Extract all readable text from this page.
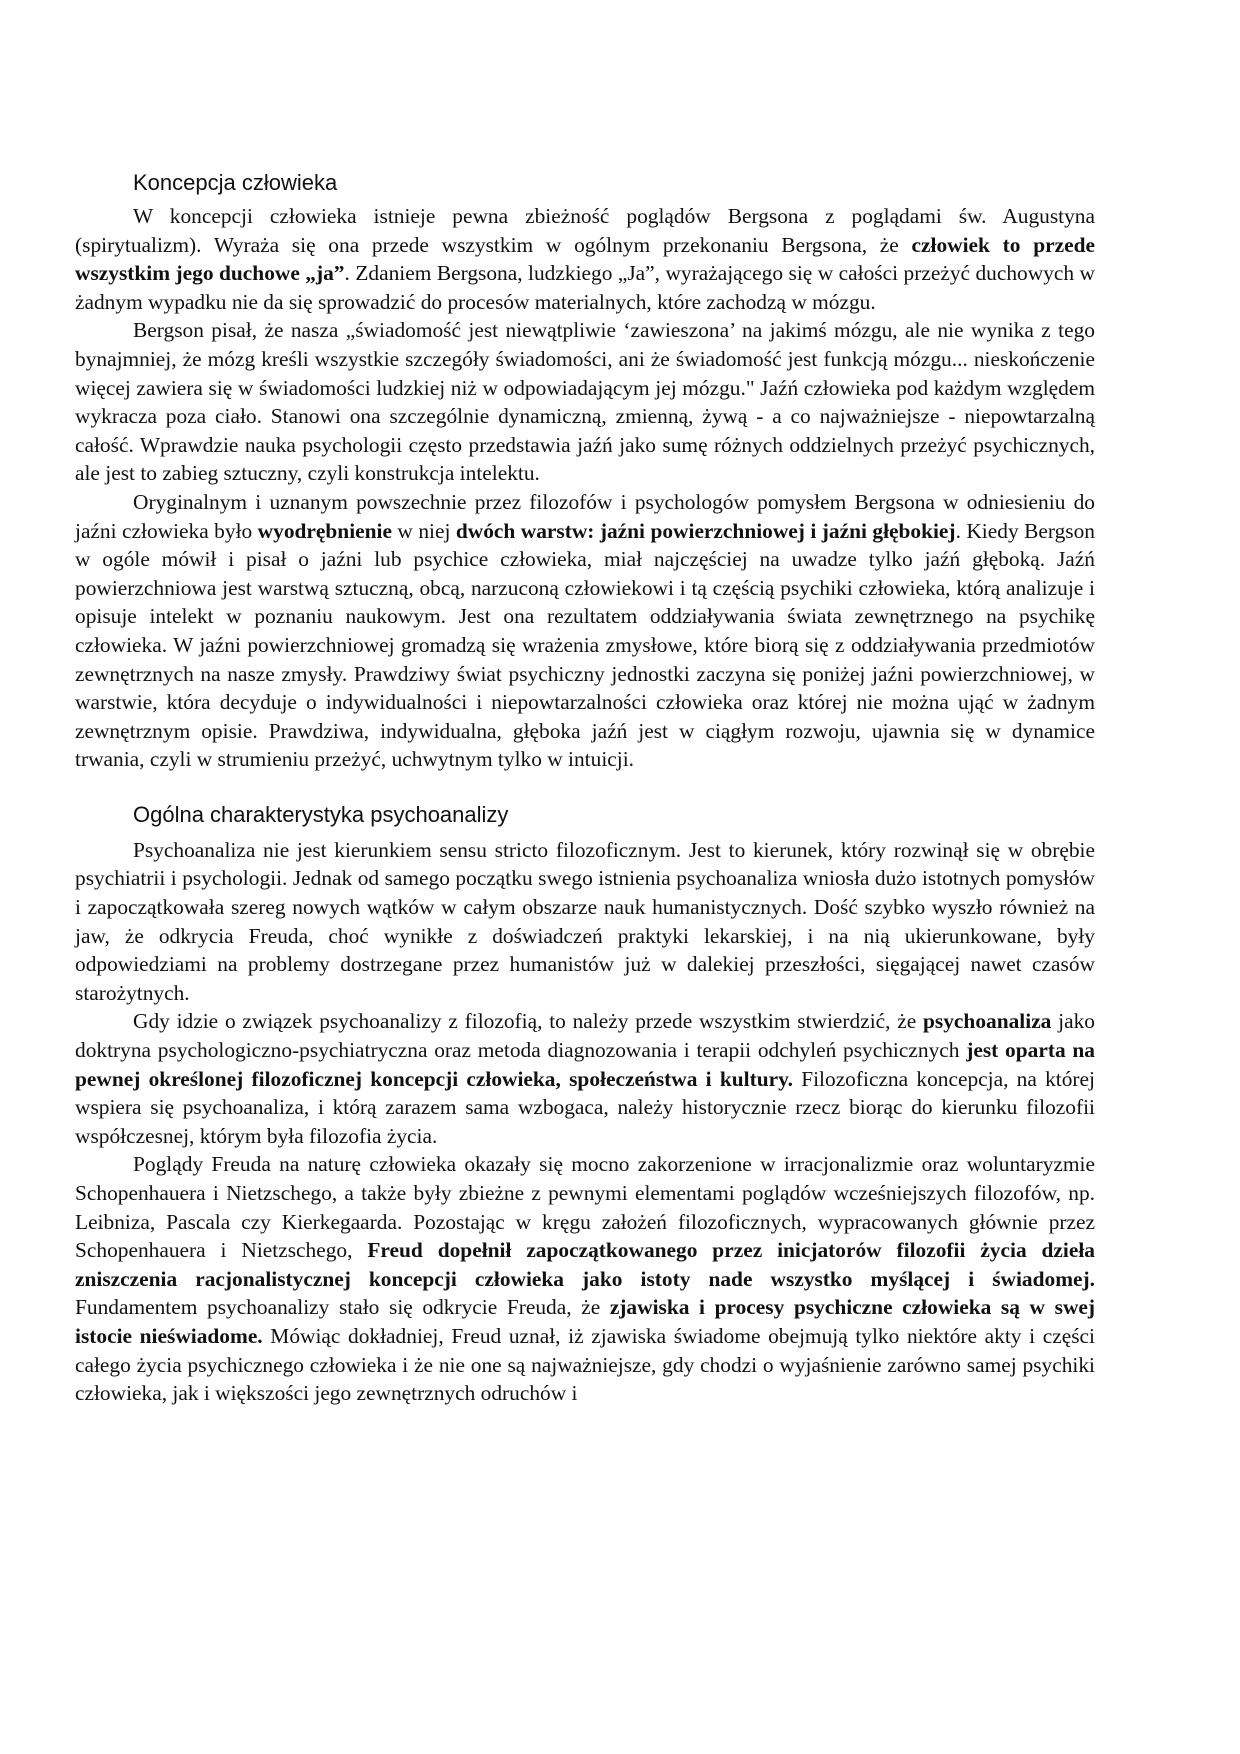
Koncepcja człowieka

W koncepcji człowieka istnieje pewna zbieżność poglądów Bergsona z poglądami św. Augustyna (spirytualizm). Wyraża się ona przede wszystkim w ogólnym przekonaniu Bergsona, że człowiek to przede wszystkim jego duchowe „ja”. Zdaniem Bergsona, ludzkiego „Ja”, wyrażającego się w całości przeżyć duchowych w żadnym wypadku nie da się sprowadzić do procesów materialnych, które zachodzą w mózgu.

Bergson pisał, że nasza „świadomość jest niewątpliwie ‘zawieszona’ na jakimś mózgu, ale nie wynika z tego bynajmniej, że mózg kreśli wszystkie szczegóły świadomości, ani że świadomość jest funkcją mózgu... nieskończenie więcej zawiera się w świadomości ludzkiej niż w odpowiadającym jej mózgu." Jaźń człowieka pod każdym względem wykracza poza ciało. Stanowi ona szczególnie dynamiczną, zmienną, żywą - a co najważniejsze - niepowtarzalną całość. Wprawdzie nauka psychologii często przedstawia jaźń jako sumę różnych oddzielnych przeżyć psychicznych, ale jest to zabieg sztuczny, czyli konstrukcja intelektu.

Oryginalnym i uznanym powszechnie przez filozofów i psychologów pomysłem Bergsona w odniesieniu do jaźni człowieka było wyodrębnienie w niej dwóch warstw: jaźni powierzchniowej i jaźni głębokiej. Kiedy Bergson w ogóle mówił i pisał o jaźni lub psychice człowieka, miał najczęściej na uwadze tylko jaźń głęboką. Jaźń powierzchniowa jest warstwą sztuczną, obcą, narzuconą człowiekowi i tą częścią psychiki człowieka, którą analizuje i opisuje intelekt w poznaniu naukowym. Jest ona rezultatem oddziaływania świata zewnętrznego na psychikę człowieka. W jaźni powierzchniowej gromadzą się wrażenia zmysłowe, które biorą się z oddziaływania przedmiotów zewnętrznych na nasze zmysły. Prawdziwy świat psychiczny jednostki zaczyna się poniżej jaźni powierzchniowej, w warstwie, która decyduje o indywidualności i niepowtarzalności człowieka oraz której nie można ująć w żadnym zewnętrznym opisie. Prawdziwa, indywidualna, głęboka jaźń jest w ciągłym rozwoju, ujawnia się w dynamice trwania, czyli w strumieniu przeżyć, uchwytnym tylko w intuicji.

Ogólna charakterystyka psychoanalizy

Psychoanaliza nie jest kierunkiem sensu stricto filozoficznym. Jest to kierunek, który rozwinął się w obrębie psychiatrii i psychologii. Jednak od samego początku swego istnienia psychoanaliza wniosła dużo istotnych pomysłów i zapoczątkowała szereg nowych wątków w całym obszarze nauk humanistycznych. Dość szybko wyszło również na jaw, że odkrycia Freuda, choć wynikłe z doświadczeń praktyki lekarskiej, i na nią ukierunkowane, były odpowiedziami na problemy dostrzegane przez humanistów już w dalekiej przeszłości, sięgającej nawet czasów starożytnych.

Gdy idzie o związek psychoanalizy z filozofią, to należy przede wszystkim stwierdzić, że psychoanaliza jako doktryna psychologiczno-psychiatryczna oraz metoda diagnozowania i terapii odchyleń psychicznych jest oparta na pewnej określonej filozoficznej koncepcji człowieka, społeczeństwa i kultury. Filozoficzna koncepcja, na której wspiera się psychoanaliza, i którą zarazem sama wzbogaca, należy historycznie rzecz biorąc do kierunku filozofii współczesnej, którym była filozofia życia.

Poglądy Freuda na naturę człowieka okazały się mocno zakorzenione w irracjonalizmie oraz woluntaryzmie Schopenhauera i Nietzschego, a także były zbieżne z pewnymi elementami poglądów wcześniejszych filozofów, np. Leibniza, Pascala czy Kierkegaarda. Pozostając w kręgu założeń filozoficznych, wypracowanych głównie przez Schopenhauera i Nietzschego, Freud dopełnił zapoczątkowanego przez inicjatorów filozofii życia dzieła zniszczenia racjonalistycznej koncepcji człowieka jako istoty nade wszystko myślącej i świadomej. Fundamentem psychoanalizy stało się odkrycie Freuda, że zjawiska i procesy psychiczne człowieka są w swej istocie nieświadome. Mówiąc dokładniej, Freud uznał, iż zjawiska świadome obejmują tylko niektóre akty i części całego życia psychicznego człowieka i że nie one są najważniejsze, gdy chodzi o wyjaśnienie zarówno samej psychiki człowieka, jak i większości jego zewnętrznych odruchów i
